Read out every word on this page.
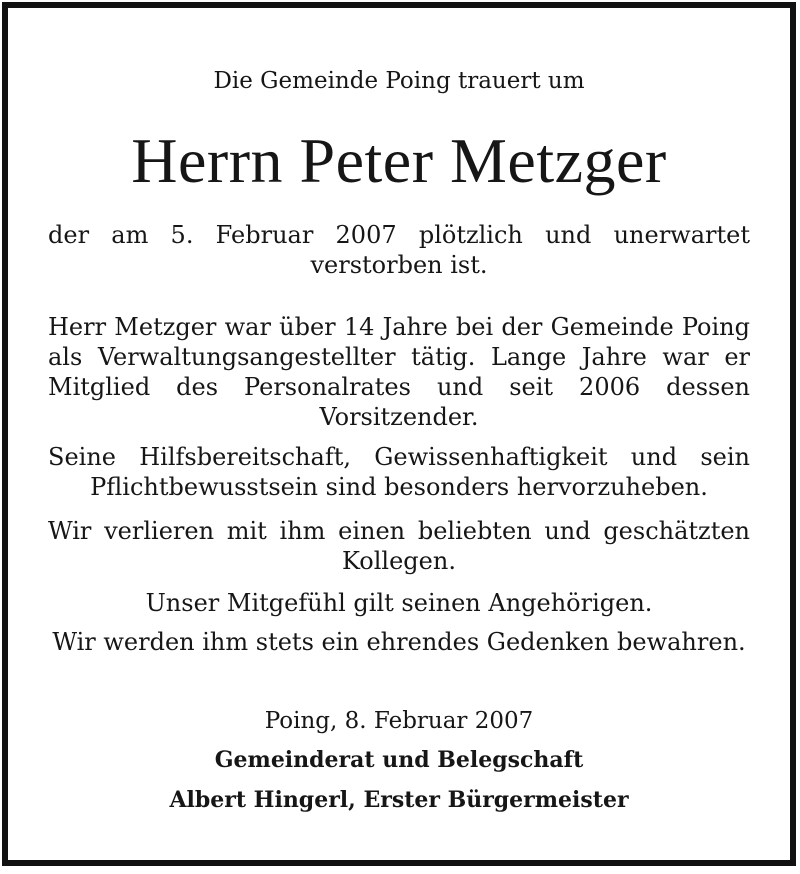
Die Gemeinde Poing trauert um
Herrn Peter Metzger
der am 5. Februar 2007 plötzlich und unerwartet verstorben ist.
Herr Metzger war über 14 Jahre bei der Gemeinde Poing als Verwaltungsangestellter tätig. Lange Jahre war er Mitglied des Personalrates und seit 2006 dessen Vorsitzender.
Seine Hilfsbereitschaft, Gewissenhaftigkeit und sein Pflichtbewusstsein sind besonders hervorzuheben.
Wir verlieren mit ihm einen beliebten und geschätzten Kollegen.
Unser Mitgefühl gilt seinen Angehörigen.
Wir werden ihm stets ein ehrendes Gedenken bewahren.
Poing, 8. Februar 2007
Gemeinderat und Belegschaft
Albert Hingerl, Erster Bürgermeister
